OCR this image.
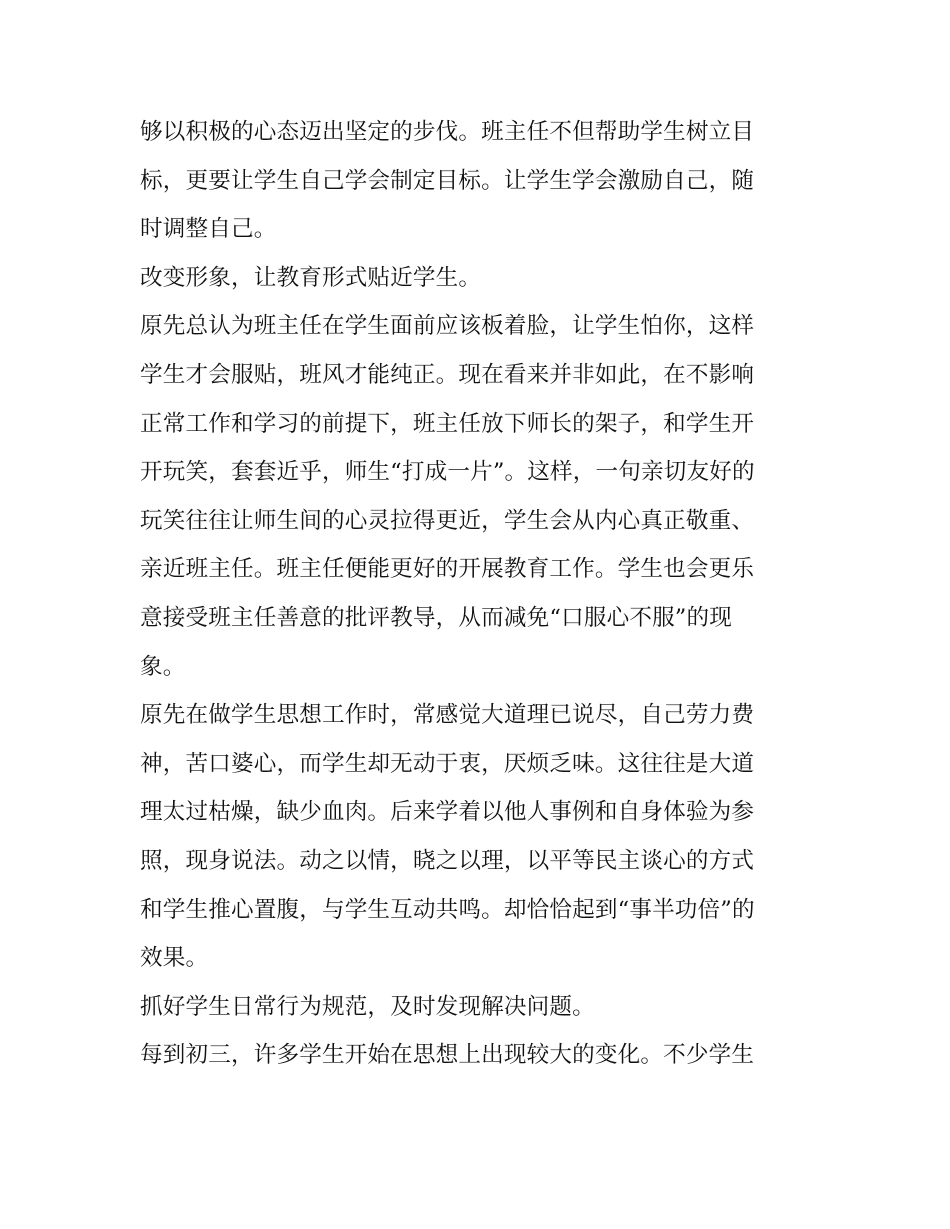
够以积极的心态迈出坚定的步伐。班主任不但帮助学生树立目
标，更要让学生自己学会制定目标。让学生学会激励自己，随
时调整自己。
改变形象，让教育形式贴近学生。
原先总认为班主任在学生面前应该板着脸，让学生怕你，这样
学生才会服贴，班风才能纯正。现在看来并非如此，在不影响
正常工作和学习的前提下，班主任放下师长的架子，和学生开
开玩笑，套套近乎，师生“打成一片”。这样，一句亲切友好的
玩笑往往让师生间的心灵拉得更近，学生会从内心真正敬重、
亲近班主任。班主任便能更好的开展教育工作。学生也会更乐
意接受班主任善意的批评教导，从而减免“口服心不服”的现
象。
原先在做学生思想工作时，常感觉大道理已说尽，自己劳力费
神，苦口婆心，而学生却无动于衷，厌烦乏味。这往往是大道
理太过枯燥，缺少血肉。后来学着以他人事例和自身体验为参
照，现身说法。动之以情，晓之以理，以平等民主谈心的方式
和学生推心置腹，与学生互动共鸣。却恰恰起到“事半功倍”的
效果。
抓好学生日常行为规范，及时发现解决问题。
每到初三，许多学生开始在思想上出现较大的变化。不少学生
